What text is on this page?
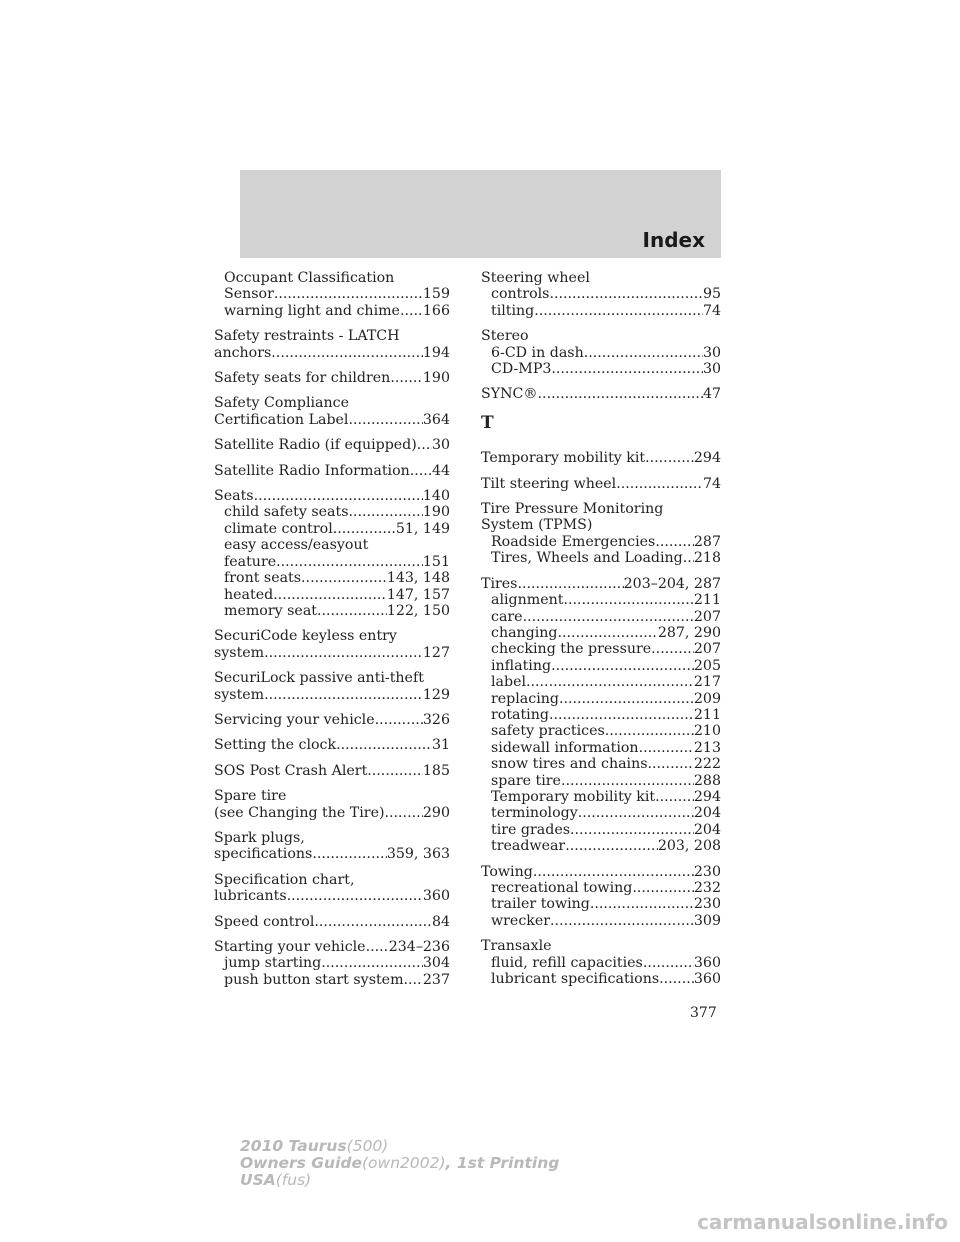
Index
Occupant Classification
Sensor .....	159
warning light and chime ..... 166
Safety restraints - LATCH
anchors .....	194
Safety seats for children ..... 190
Safety Compliance
Certification Label .....	364
Satellite Radio (if equipped) ..... 30
Satellite Radio Information ..... 44
Seats .....	140
child safety seats .....	190
climate control .....	51, 149
easy access/easyout
feature .....	151
front seats .....	143, 148
heated .....	147, 157
memory seat .....	122, 150
SecuriCode keyless entry
system .....	127
SecuriLock passive anti-theft
system .....	129
Servicing your vehicle .....	326
Setting the clock .....	31
SOS Post Crash Alert .....	185
Spare tire
(see Changing the Tire) .....	290
Spark plugs,
specifications .....	359, 363
Specification chart,
lubricants .....	360
Speed control .....	84
Starting your vehicle ..... 234–236
jump starting .....	304
push button start system ..... 237
Steering wheel
controls .....	95
tilting .....	74
Stereo
6-CD in dash .....	30
CD-MP3 .....	30
SYNC® .....	47
T
Temporary mobility kit .....	294
Tilt steering wheel .....	74
Tire Pressure Monitoring
System (TPMS)
Roadside Emergencies .....	287
Tires, Wheels and Loading ..... 218
Tires .....	203–204, 287
alignment .....	211
care .....	207
changing .....	287, 290
checking the pressure .....	207
inflating .....	205
label .....	217
replacing .....	209
rotating .....	211
safety practices .....	210
sidewall information .....	213
snow tires and chains .....	222
spare tire .....	288
Temporary mobility kit .....	294
terminology .....	204
tire grades .....	204
treadwear .....	203, 208
Towing .....	230
recreational towing .....	232
trailer towing .....	230
wrecker .....	309
Transaxle
fluid, refill capacities .....	360
lubricant specifications ..... 360
377
2010 Taurus(500)
Owners Guide(own2002), 1st Printing
USA(fus)
carmanualsonline.info
